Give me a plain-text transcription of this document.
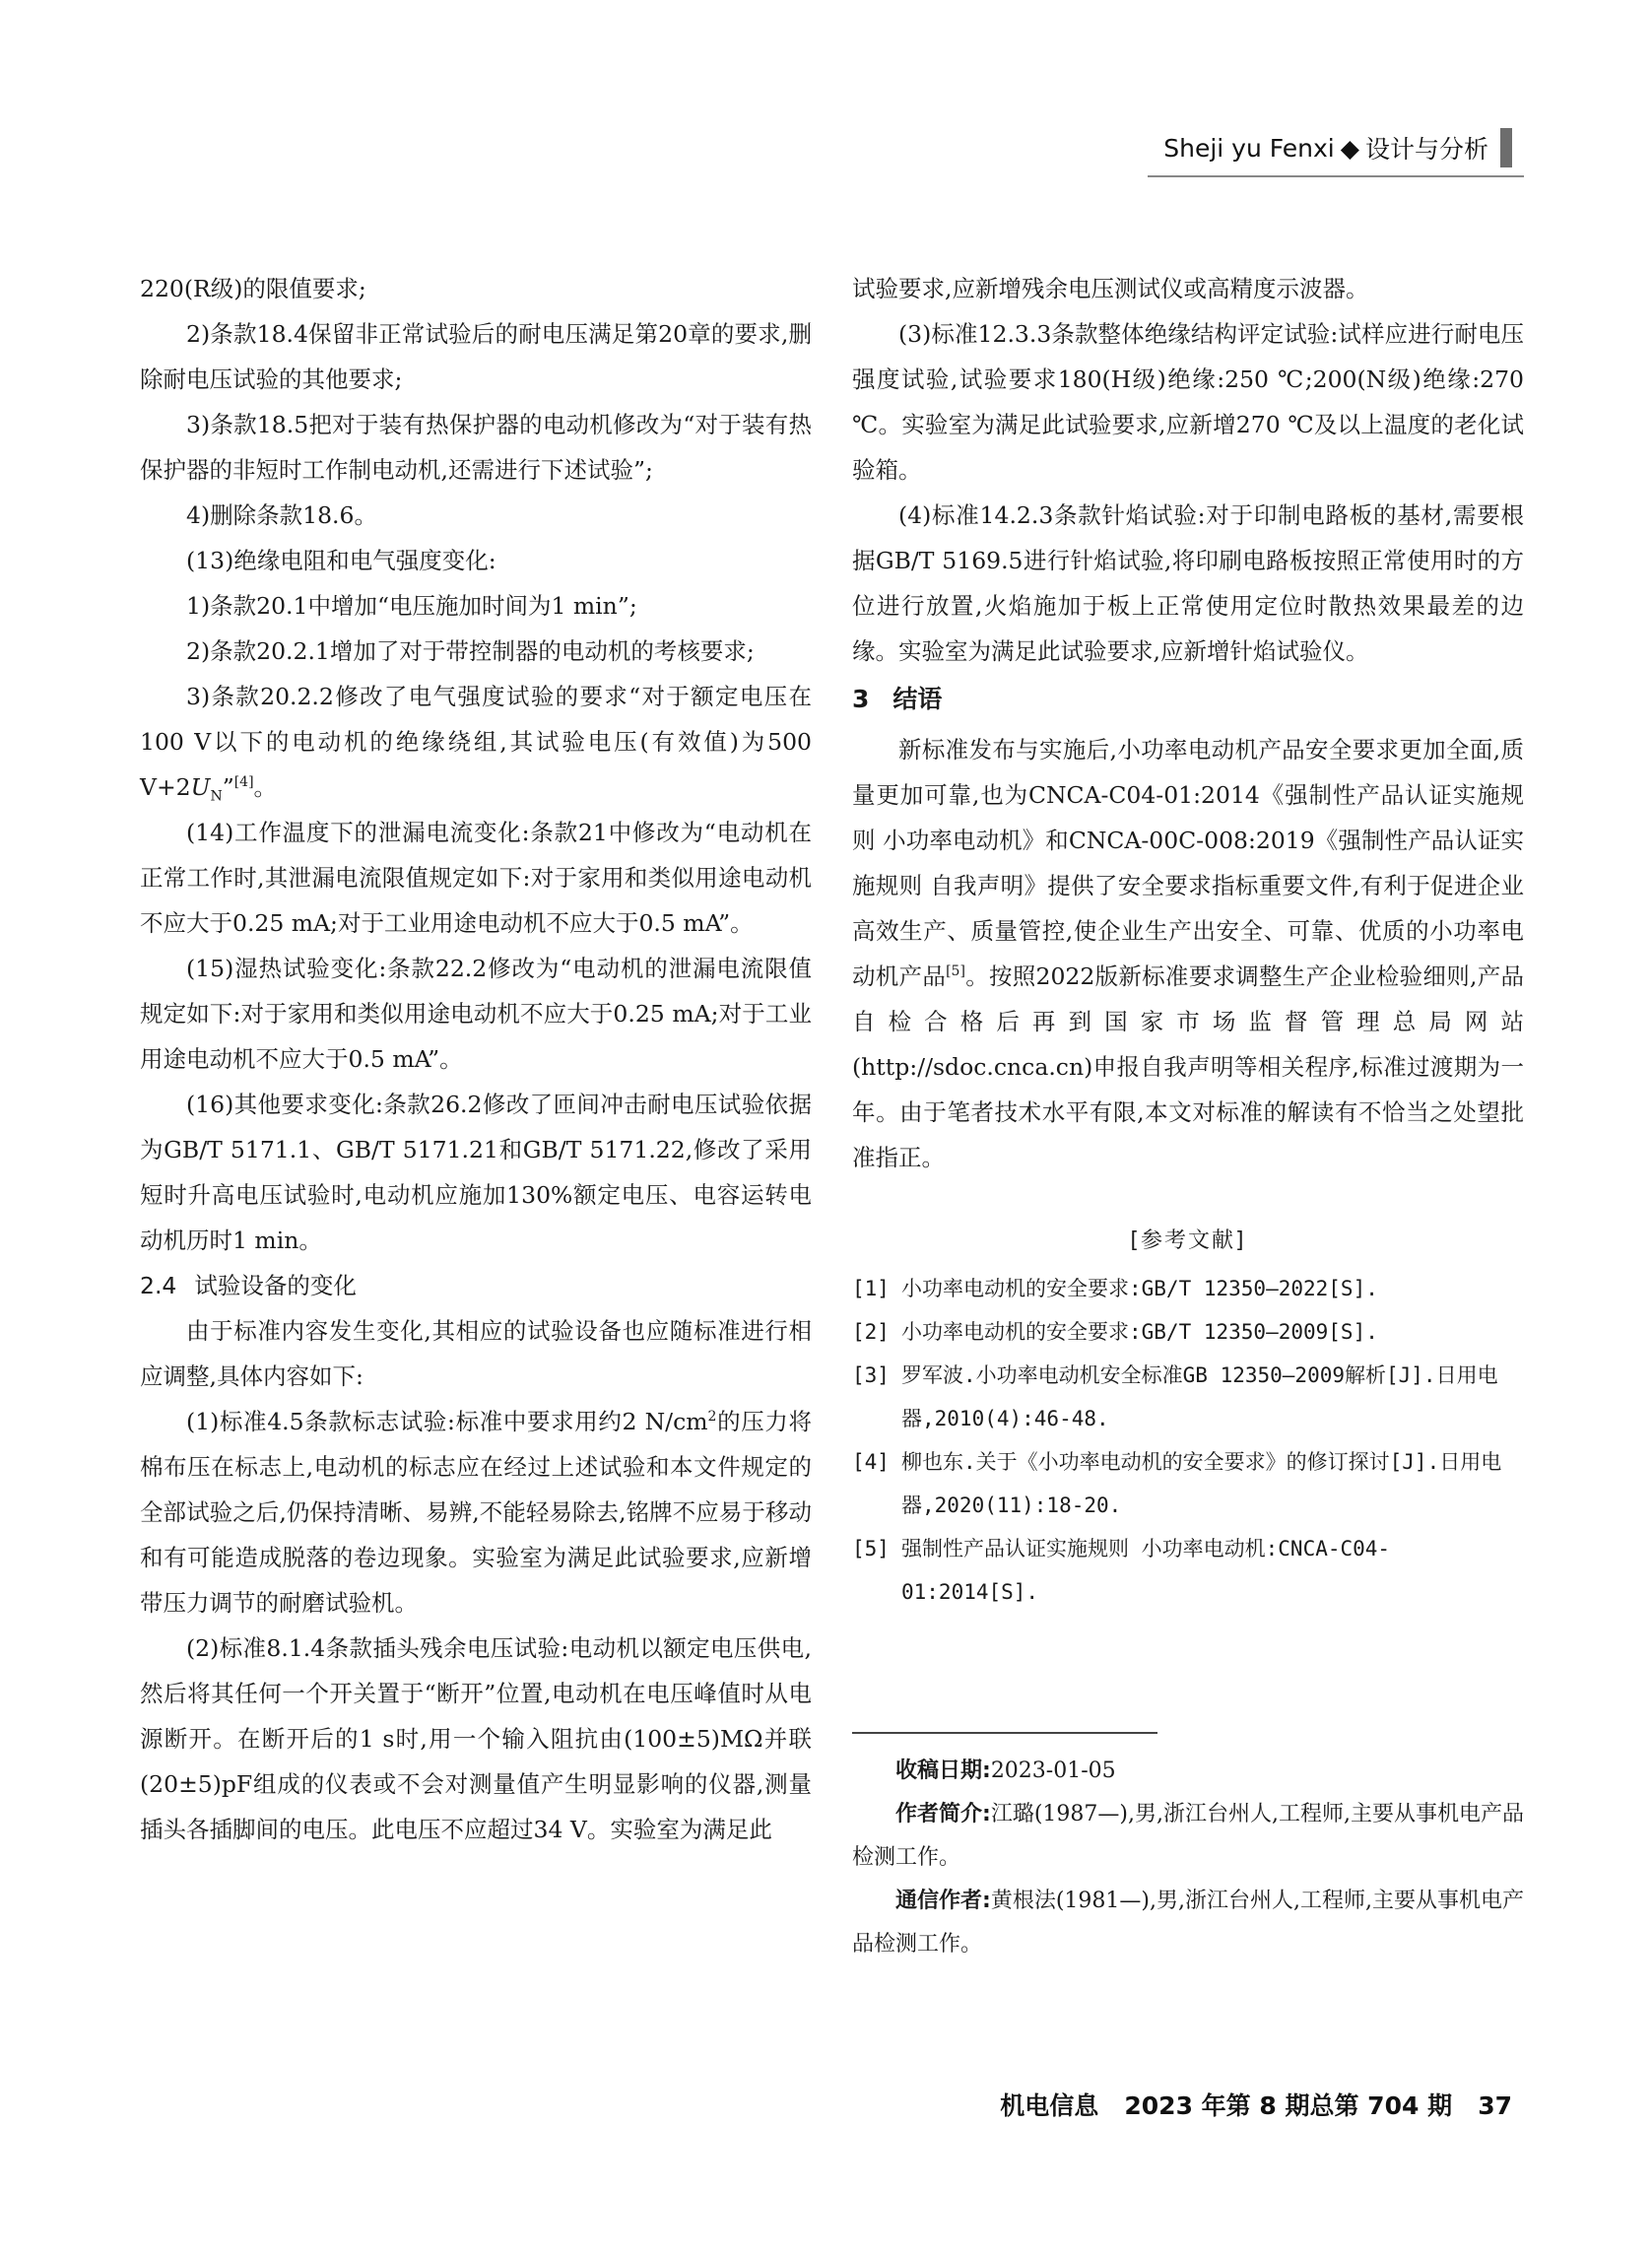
Sheji yu Fenxi ◆ 设计与分析

220(R级)的限值要求;

2)条款18.4保留非正常试验后的耐电压满足第20章的要求,删除耐电压试验的其他要求;

3)条款18.5把对于装有热保护器的电动机修改为“对于装有热保护器的非短时工作制电动机,还需进行下述试验”;

4)删除条款18.6。

(13)绝缘电阻和电气强度变化:

1)条款20.1中增加“电压施加时间为1 min”;

2)条款20.2.1增加了对于带控制器的电动机的考核要求;

3)条款20.2.2修改了电气强度试验的要求“对于额定电压在100 V以下的电动机的绝缘绕组,其试验电压(有效值)为500 $V+2U_N”[4]$。

(14)工作温度下的泄漏电流变化:条款21中修改为“电动机在正常工作时,其泄漏电流限值规定如下:对于家用和类似用途电动机不应大于0.25 mA;对于工业用途电动机不应大于0.5 mA”。

(15)湿热试验变化:条款22.2修改为“电动机的泄漏电流限值规定如下:对于家用和类似用途电动机不应大于0.25 mA;对于工业用途电动机不应大于0.5 mA”。

(16)其他要求变化:条款26.2修改了匝间冲击耐电压试验依据为GB/T 5171.1、GB/T 5171.21和GB/T 5171.22,修改了采用短时升高电压试验时,电动机应施加130%额定电压、电容运转电动机历时1 min。

2.4 试验设备的变化

由于标准内容发生变化,其相应的试验设备也应随标准进行相应调整,具体内容如下:

(1)标准4.5条款标志试验:标准中要求用约2 $N/cm^2$的压力将棉布压在标志上,电动机的标志应在经过上述试验和本文件规定的全部试验之后,仍保持清晰、易辨,不能轻易除去,铭牌不应易于移动和有可能造成脱落的卷边现象。实验室为满足此试验要求,应新增带压力调节的耐磨试验机。

(2)标准8.1.4条款插头残余电压试验:电动机以额定电压供电,然后将其任何一个开关置于“断开”位置,电动机在电压峰值时从电源断开。在断开后的1 s时,用一个输入阻抗由(100±5)MΩ并联(20±5)pF组成的仪表或不会对测量值产生明显影响的仪器,测量插头各插脚间的电压。此电压不应超过34 V。实验室为满足此

试验要求,应新增残余电压测试仪或高精度示波器。

(3)标准12.3.3条款整体绝缘结构评定试验:试样应进行耐电压强度试验,试验要求180(H级)绝缘:250 ℃;200(N级)绝缘:270 ℃。实验室为满足此试验要求,应新增270 ℃及以上温度的老化试验箱。

(4)标准14.2.3条款针焰试验:对于印制电路板的基材,需要根据GB/T 5169.5进行针焰试验,将印刷电路板按照正常使用时的方位进行放置,火焰施加于板上正常使用定位时散热效果最差的边缘。实验室为满足此试验要求,应新增针焰试验仪。

3 结语

新标准发布与实施后,小功率电动机产品安全要求更加全面,质量更加可靠,也为CNCA-C04-01:2014《强制性产品认证实施规则 小功率电动机》和CNCA-00C-008:2019《强制性产品认证实施规则 自我声明》提供了安全要求指标重要文件,有利于促进企业高效生产、质量管控,使企业生产出安全、可靠、优质的小功率电动机产品[5]。按照2022版新标准要求调整生产企业检验细则,产品自检合格后再到国家市场监督管理总局网站(http://sdoc.cnca.cn)申报自我声明等相关程序,标准过渡期为一年。由于笔者技术水平有限,本文对标准的解读有不恰当之处望批准指正。

[参考文献]
[1] 小功率电动机的安全要求:GB/T 12350—2022[S].
[2] 小功率电动机的安全要求:GB/T 12350—2009[S].
[3] 罗军波.小功率电动机安全标准GB 12350—2009解析[J].日用电器,2010(4):46-48.
[4] 柳也东.关于《小功率电动机的安全要求》的修订探讨[J].日用电器,2020(11):18-20.
[5] 强制性产品认证实施规则 小功率电动机:CNCA-C04-01:2014[S].
收稿日期:2023-01-05
作者简介:江璐(1987—),男,浙江台州人,工程师,主要从事机电产品检测工作。
通信作者:黄根法(1981—),男,浙江台州人,工程师,主要从事机电产品检测工作。
机电信息 2023 年第 8 期总第 704 期 37
